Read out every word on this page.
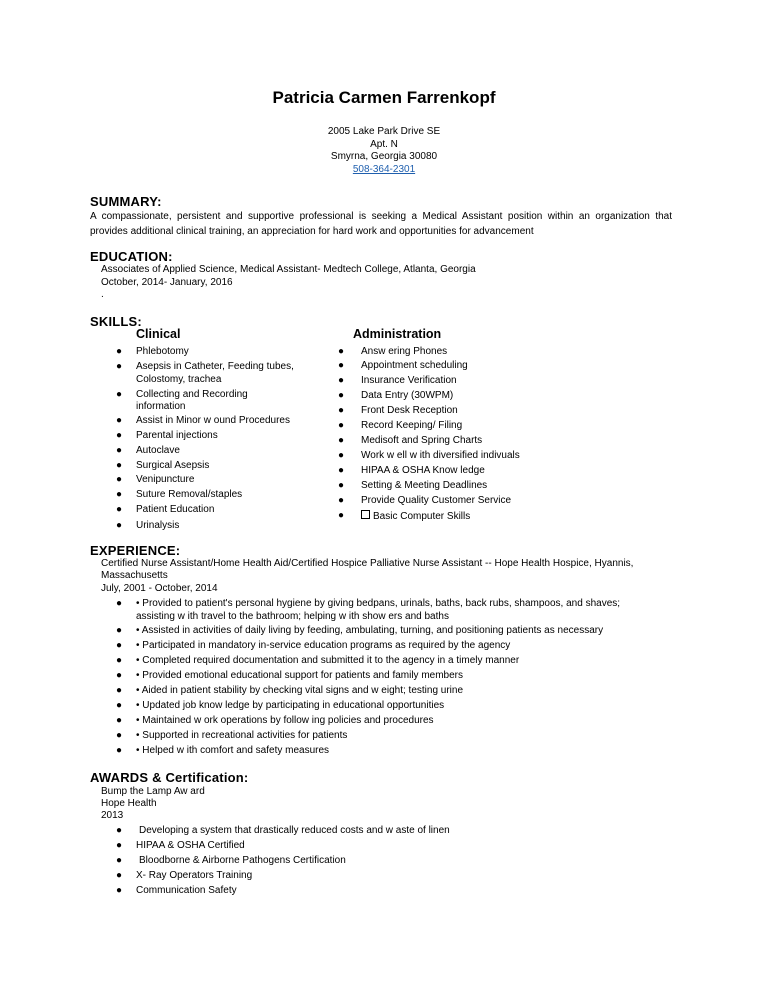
Patricia Carmen Farrenkopf
2005 Lake Park Drive SE
Apt. N
Smyrna, Georgia 30080
508-364-2301
SUMMARY:
A compassionate, persistent and supportive professional is seeking a Medical Assistant position within an organization that provides additional clinical training, an appreciation for hard work and opportunities for advancement
EDUCATION:
Associates of Applied Science, Medical Assistant- Medtech College, Atlanta, Georgia
October, 2014- January, 2016
.
SKILLS:
Clinical	Administration
● Phlebotomy
● Asepsis in Catheter, Feeding tubes,
Colostomy, trachea
● Collecting and Recording
information
● Assist in Minor w ound Procedures
● Parental injections
● Autoclave
● Surgical Asepsis
● Venipuncture
● Suture Removal/staples
● Patient Education
● Urinalysis
● Answ ering Phones
● Appointment scheduling
● Insurance Verification
● Data Entry (30WPM)
● Front Desk Reception
● Record Keeping/ Filing
● Medisoft and Spring Charts
● Work w ell w ith diversified indivuals
● HIPAA & OSHA Know ledge
● Setting & Meeting Deadlines
● Provide Quality Customer Service
●	Basic Computer Skills
EXPERIENCE:
Certified Nurse Assistant/Home Health Aid/Certified Hospice Palliative Nurse Assistant -- Hope Health Hospice, Hyannis,
Massachusetts
July, 2001 - October, 2014
● • Provided to patient's personal hygiene by giving bedpans, urinals, baths, back rubs, shampoos, and shaves;
assisting w ith travel to the bathroom; helping w ith show ers and baths
● • Assisted in activities of daily living by feeding, ambulating, turning, and positioning patients as necessary
● • Participated in mandatory in-service education programs as required by the agency
● • Completed required documentation and submitted it to the agency in a timely manner
● • Provided emotional educational support for patients and family members
● • Aided in patient stability by checking vital signs and w eight; testing urine
● • Updated job know ledge by participating in educational opportunities
● • Maintained w ork operations by follow ing policies and procedures
● • Supported in recreational activities for patients
● • Helped w ith comfort and safety measures
AWARDS & Certification:
Bump the Lamp Aw ard
Hope Health
2013
● Developing a system that drastically reduced costs and w aste of linen
● HIPAA & OSHA Certified
● Bloodborne & Airborne Pathogens Certification
● X- Ray Operators Training
● Communication Safety
